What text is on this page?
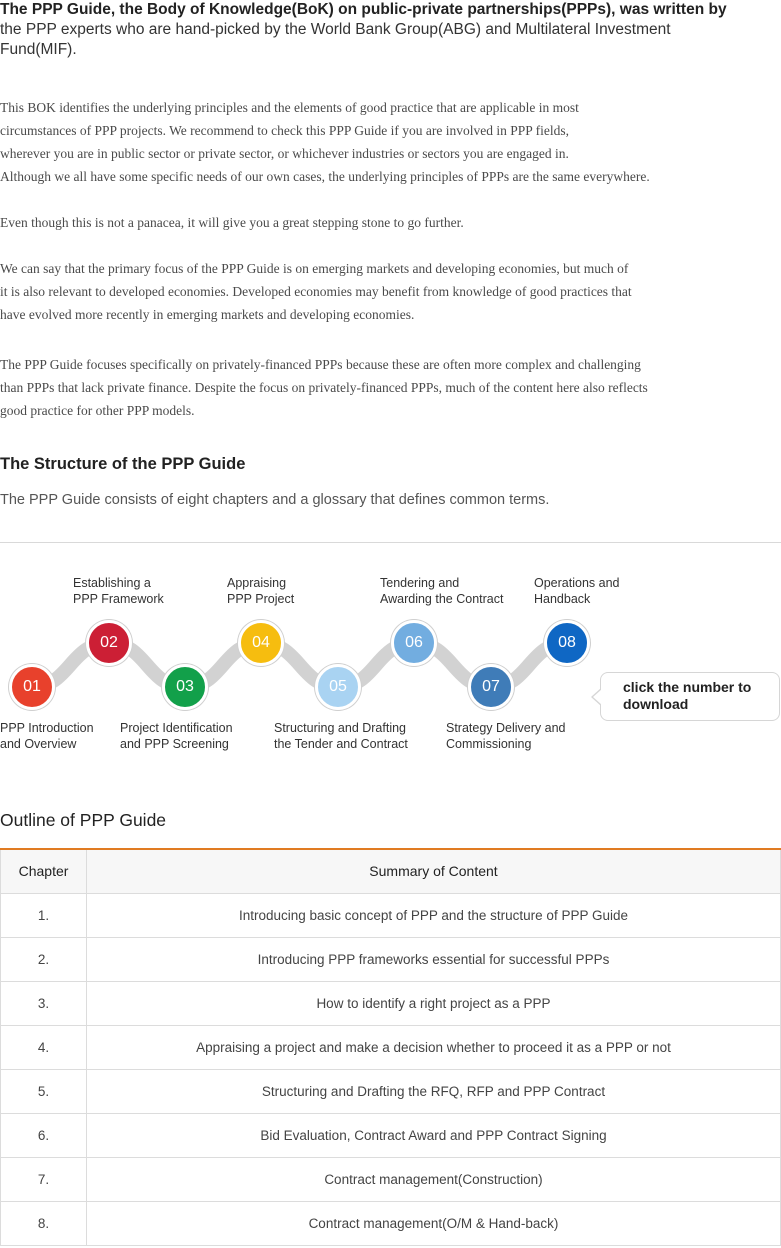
The PPP Guide, the Body of Knowledge(BoK) on public-private partnerships(PPPs), was written by
the PPP experts who are hand-picked by the World Bank Group(ABG) and Multilateral Investment
Fund(MIF).
This BOK identifies the underlying principles and the elements of good practice that are applicable in most
circumstances of PPP projects. We recommend to check this PPP Guide if you are involved in PPP fields,
wherever you are in public sector or private sector, or whichever industries or sectors you are engaged in.
Although we all have some specific needs of our own cases, the underlying principles of PPPs are the same everywhere.
Even though this is not a panacea, it will give you a great stepping stone to go further.
We can say that the primary focus of the PPP Guide is on emerging markets and developing economies, but much of
it is also relevant to developed economies. Developed economies may benefit from knowledge of good practices that
have evolved more recently in emerging markets and developing economies.
The PPP Guide focuses specifically on privately-financed PPPs because these are often more complex and challenging
than PPPs that lack private finance. Despite the focus on privately-financed PPPs, much of the content here also reflects
good practice for other PPP models.
The Structure of the PPP Guide
The PPP Guide consists of eight chapters and a glossary that defines common terms.
01
02
03
04
05
06
07
08
PPP Introduction
and Overview
Establishing a
PPP Framework
Project Identification
and PPP Screening
Appraising
PPP Project
Structuring and Drafting
the Tender and Contract
Tendering and
Awarding the Contract
Strategy Delivery and
Commissioning
Operations and
Handback
click the number to
download
Outline of PPP Guide
Chapter	Summary of Content
1.	Introducing basic concept of PPP and the structure of PPP Guide
2.	Introducing PPP frameworks essential for successful PPPs
3.	How to identify a right project as a PPP
4.	Appraising a project and make a decision whether to proceed it as a PPP or not
5.	Structuring and Drafting the RFQ, RFP and PPP Contract
6.	Bid Evaluation, Contract Award and PPP Contract Signing
7.	Contract management(Construction)
8.	Contract management(O/M & Hand-back)
